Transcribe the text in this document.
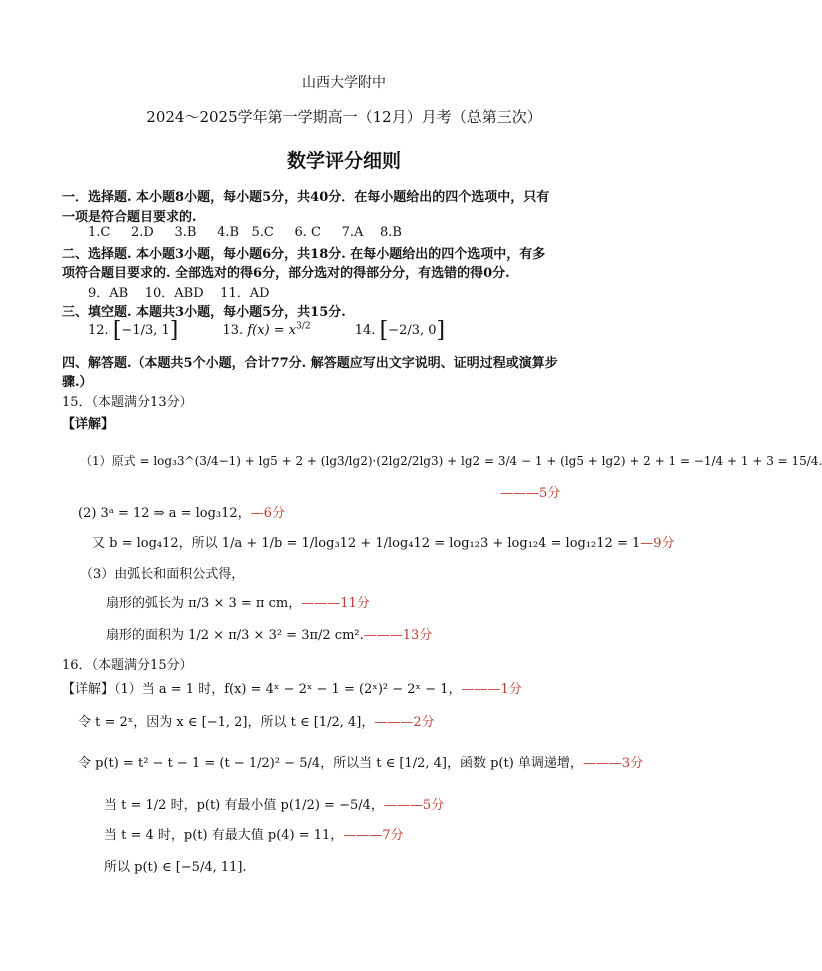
山西大学附中
2024～2025学年第一学期高一（12月）月考（总第三次）
数学评分细则
一．选择题. 本小题8小题，每小题5分，共40分．在每小题给出的四个选项中，只有
一项是符合题目要求的.
1.C     2.D     3.B     4.B   5.C     6. C     7.A    8.B
二、选择题. 本小题3小题，每小题6分，共18分. 在每小题给出的四个选项中，有多
项符合题目要求的. 全部选对的得6分，部分选对的得部分分，有选错的得0分.
9．AB    10．ABD    11．AD
三、填空题. 本题共3小题，每小题5分，共15分.
12. [−1/3, 1]	13. $f(x) = x^{3/2}$	14. [−2/3, 0]
四、解答题.（本题共5个小题，合计77分. 解答题应写出文字说明、证明过程或演算步
骤.）
15．（本题满分13分）
【详解】
（1）原式 = log₃3^(3/4−1) + lg5 + 2 + (lg3/lg2)·(2lg2/2lg3) + lg2 = 3/4 − 1 + (lg5 + lg2) + 2 + 1 = −1/4 + 1 + 3 = 15/4.
———5分
(2) 3ᵃ = 12 ⇒ a = log₃12，—6分
又 b = log₄12，所以 1/a + 1/b = 1/log₃12 + 1/log₄12 = log₁₂3 + log₁₂4 = log₁₂12 = 1—9分
（3）由弧长和面积公式得，
扇形的弧长为 π/3 × 3 = π cm，———11分
扇形的面积为 1/2 × π/3 × 3² = 3π/2 cm².———13分
16．（本题满分15分）
【详解】（1）当 a = 1 时，f(x) = 4ˣ − 2ˣ − 1 = (2ˣ)² − 2ˣ − 1，———1分
令 t = 2ˣ，因为 x ∈ [−1, 2]，所以 t ∈ [1/2, 4]，———2分
令 p(t) = t² − t − 1 = (t − 1/2)² − 5/4，所以当 t ∈ [1/2, 4]，函数 p(t) 单调递增，———3分
当 t = 1/2 时，p(t) 有最小值 p(1/2) = −5/4，———5分
当 t = 4 时，p(t) 有最大值 p(4) = 11，———7分
所以 p(t) ∈ [−5/4, 11].
